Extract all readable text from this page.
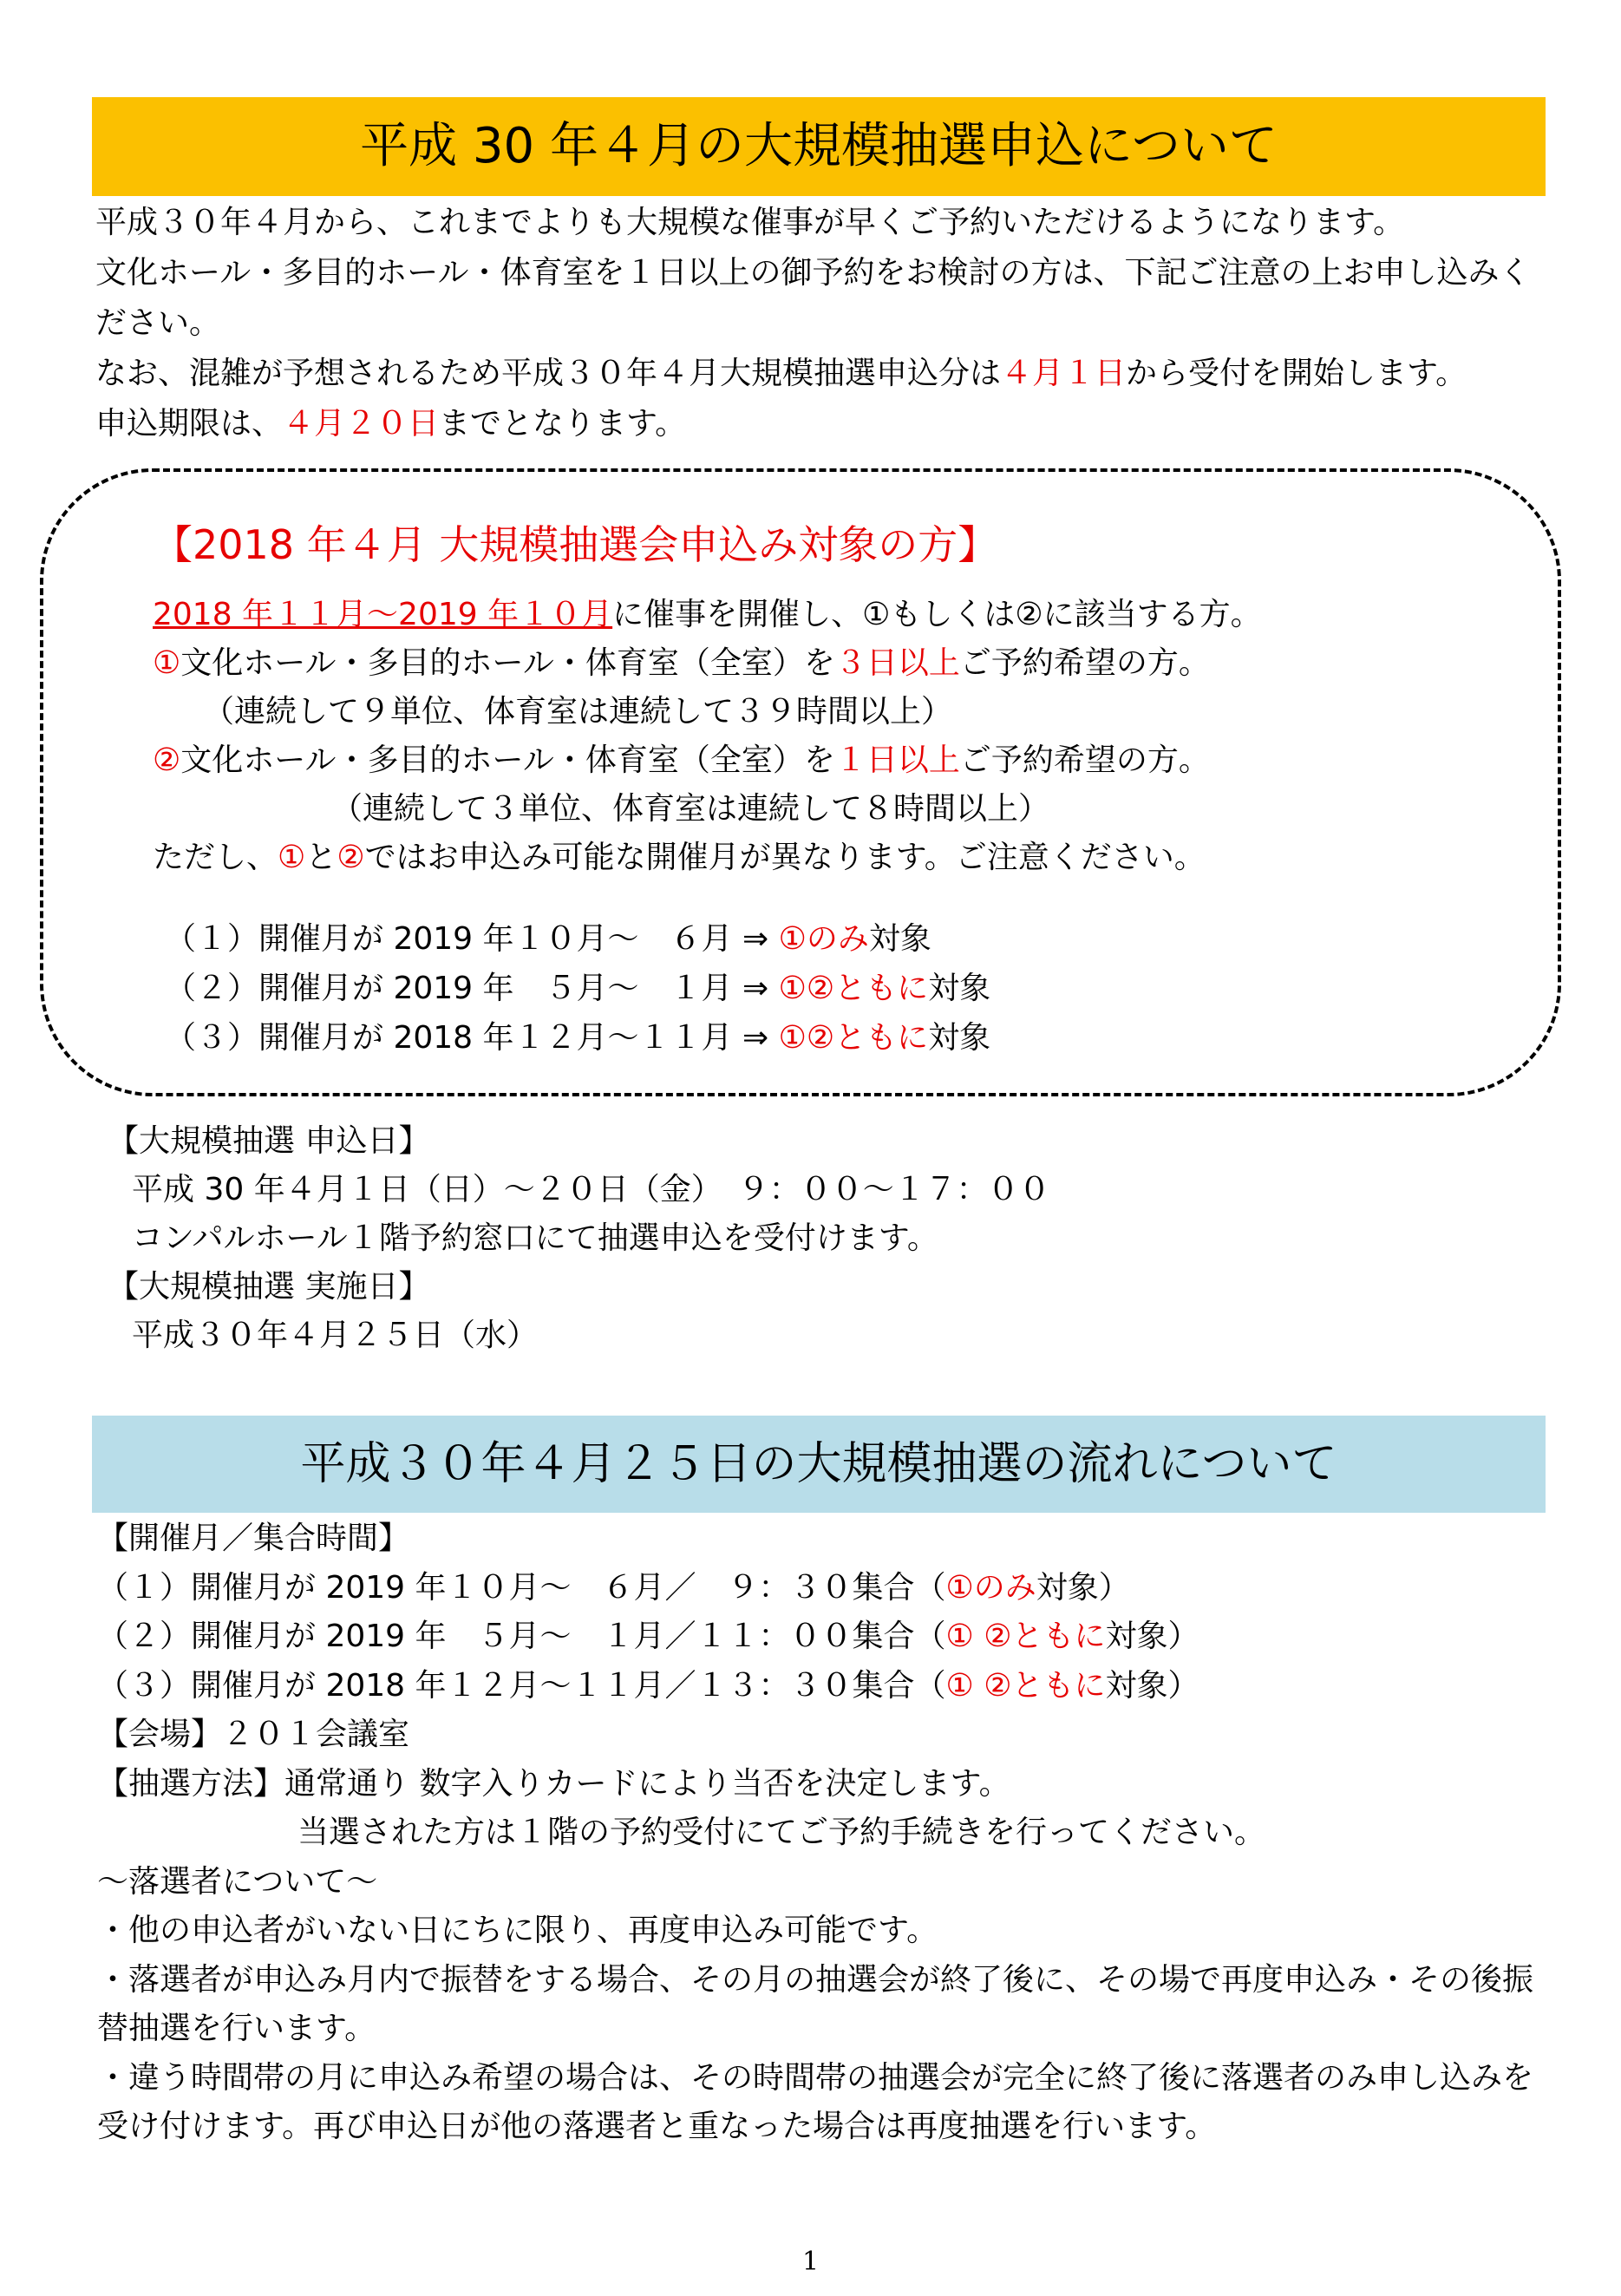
平成 30 年４月の大規模抽選申込について

平成３０年４月から、これまでよりも大規模な催事が早くご予約いただけるようになります。

文化ホール・多目的ホール・体育室を１日以上の御予約をお検討の方は、下記ご注意の上お申し込みください。

なお、混雑が予想されるため平成３０年４月大規模抽選申込分は４月１日から受付を開始します。

申込期限は、４月２０日までとなります。

【2018 年４月 大規模抽選会申込み対象の方】

2018 年１１月〜2019 年１０月に催事を開催し、①もしくは②に該当する方。

①文化ホール・多目的ホール・体育室（全室）を３日以上ご予約希望の方。

（連続して９単位、体育室は連続して３９時間以上）

②文化ホール・多目的ホール・体育室（全室）を１日以上ご予約希望の方。

（連続して３単位、体育室は連続して８時間以上）

ただし、①と②ではお申込み可能な開催月が異なります。ご注意ください。

（１）開催月が 2019 年１０月〜　６月 ⇒ ①のみ対象

（２）開催月が 2019 年　５月〜　１月 ⇒ ①②ともに対象

（３）開催月が 2018 年１２月〜１１月 ⇒ ①②ともに対象

【大規模抽選 申込日】

平成 30 年４月１日（日）〜２０日（金）　９：００〜１７：００

コンパルホール１階予約窓口にて抽選申込を受付けます。

【大規模抽選 実施日】

平成３０年４月２５日（水）

平成３０年４月２５日の大規模抽選の流れについて

【開催月／集合時間】

（１）開催月が 2019 年１０月〜　６月／　９：３０集合（①のみ対象）

（２）開催月が 2019 年　５月〜　１月／１１：００集合（① ②ともに対象）

（３）開催月が 2018 年１２月〜１１月／１３：３０集合（① ②ともに対象）

【会場】２０１会議室

【抽選方法】通常通り 数字入りカードにより当否を決定します。

当選された方は１階の予約受付にてご予約手続きを行ってください。

〜落選者について〜

・他の申込者がいない日にちに限り、再度申込み可能です。

・落選者が申込み月内で振替をする場合、その月の抽選会が終了後に、その場で再度申込み・その後振替抽選を行います。

・違う時間帯の月に申込み希望の場合は、その時間帯の抽選会が完全に終了後に落選者のみ申し込みを受け付けます。再び申込日が他の落選者と重なった場合は再度抽選を行います。

1
